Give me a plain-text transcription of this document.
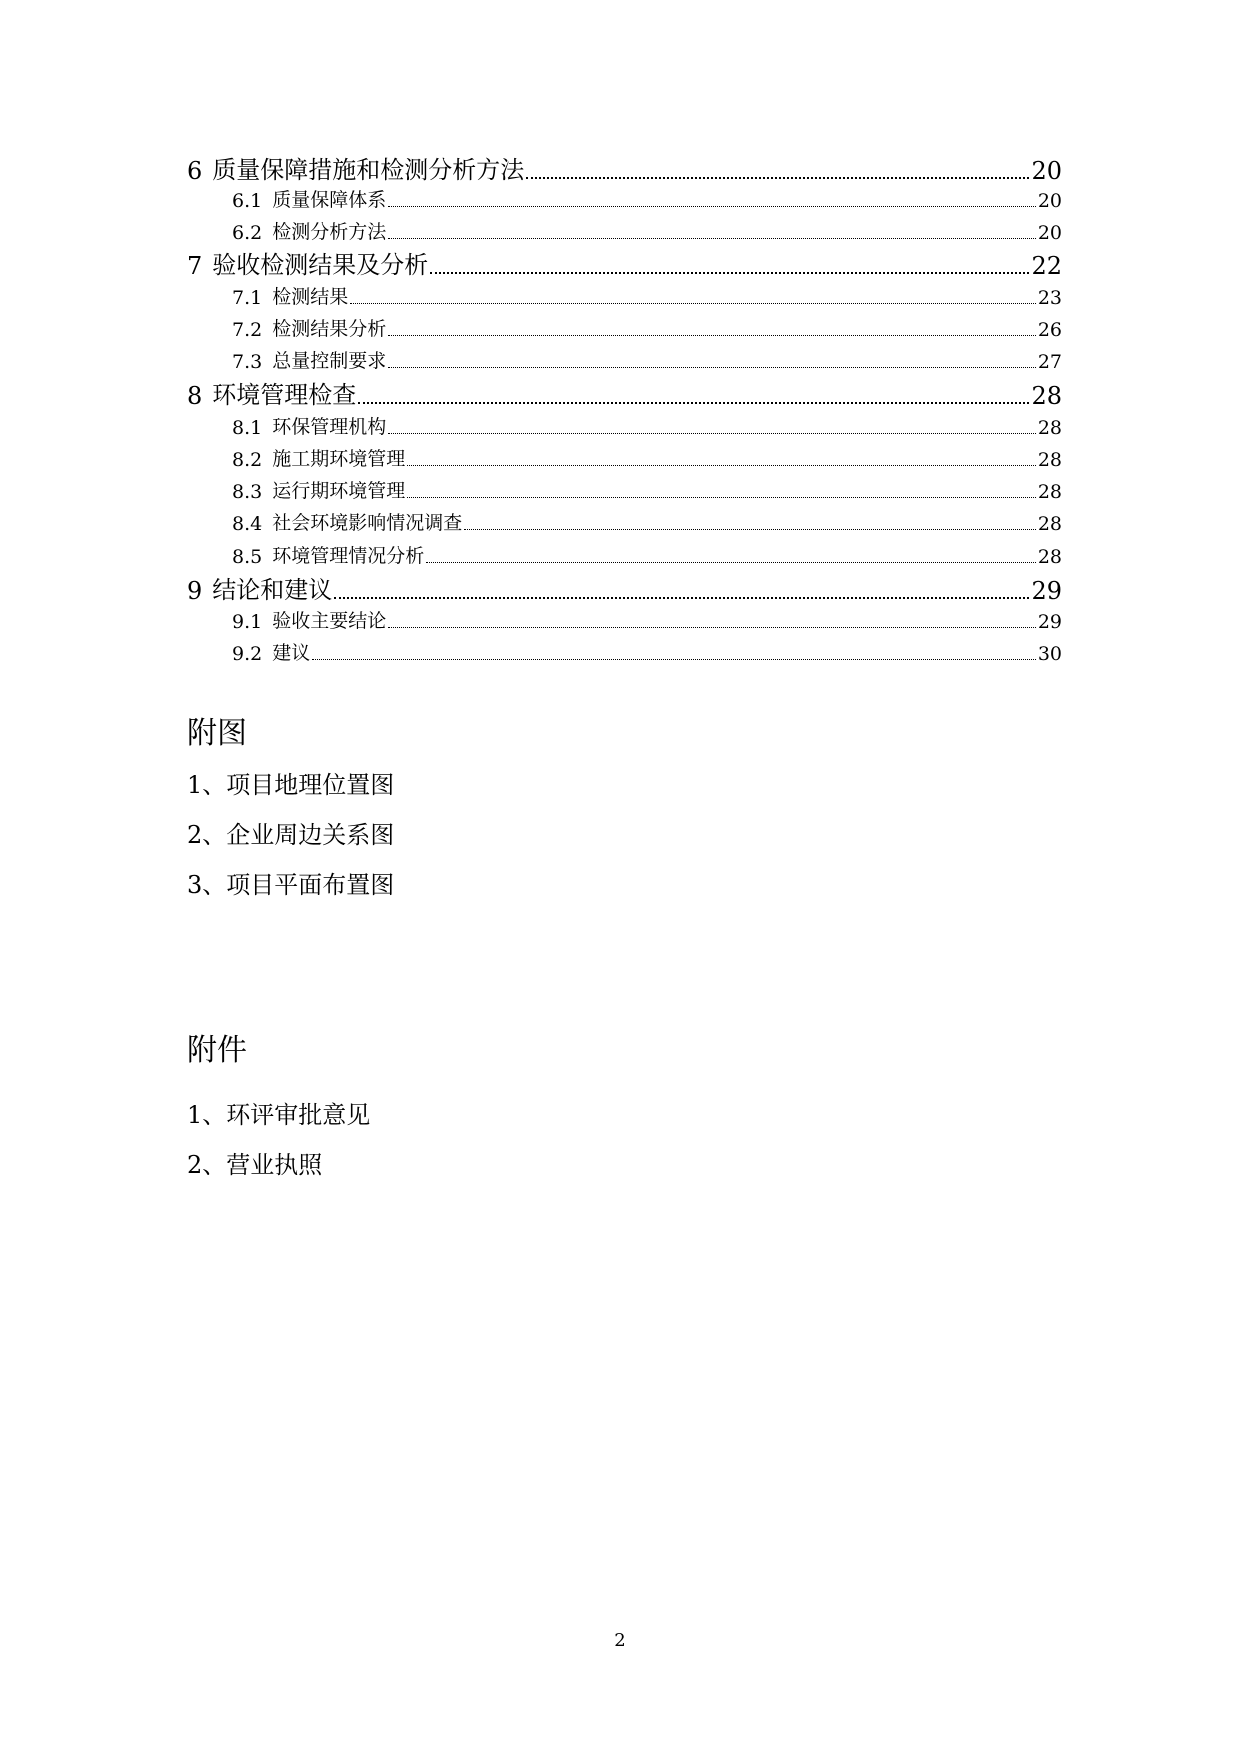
6 质量保障措施和检测分析方法	20
6.1 质量保障体系	20
6.2 检测分析方法	20
7 验收检测结果及分析	22
7.1 检测结果	23
7.2 检测结果分析	26
7.3 总量控制要求	27
8 环境管理检查	28
8.1 环保管理机构	28
8.2 施工期环境管理	28
8.3 运行期环境管理	28
8.4 社会环境影响情况调查	28
8.5 环境管理情况分析	28
9 结论和建议	29
9.1 验收主要结论	29
9.2 建议	30
附图
1、项目地理位置图
2、企业周边关系图
3、项目平面布置图
附件
1、环评审批意见
2、营业执照
2
